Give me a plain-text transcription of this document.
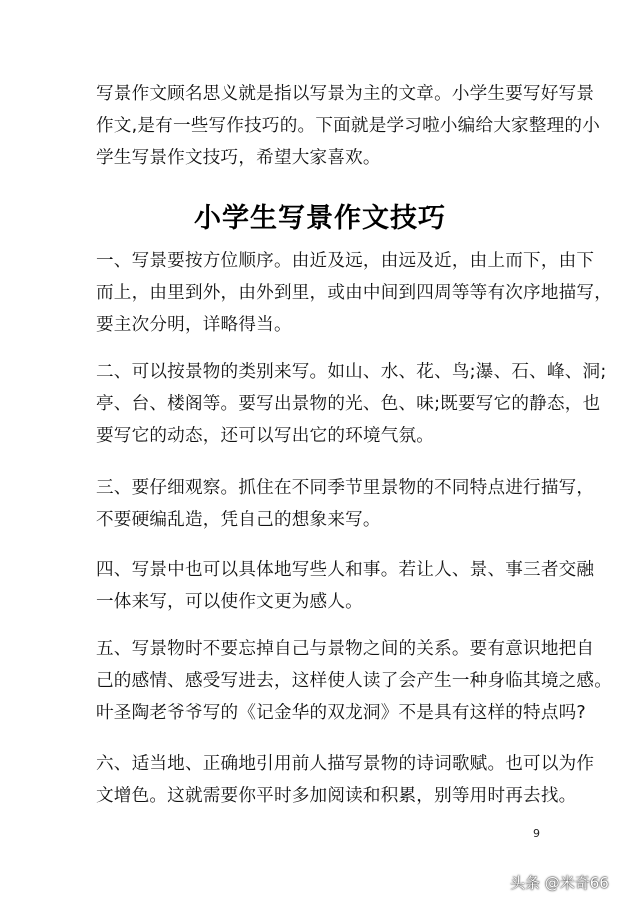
写景作文顾名思义就是指以写景为主的文章。小学生要写好写景
作文,是有一些写作技巧的。下面就是学习啦小编给大家整理的小
学生写景作文技巧，希望大家喜欢。
小学生写景作文技巧
一、写景要按方位顺序。由近及远，由远及近，由上而下，由下
而上，由里到外，由外到里，或由中间到四周等等有次序地描写，
要主次分明，详略得当。
二、可以按景物的类别来写。如山、水、花、鸟;瀑、石、峰、洞;
亭、台、楼阁等。要写出景物的光、色、味;既要写它的静态，也
要写它的动态，还可以写出它的环境气氛。
三、要仔细观察。抓住在不同季节里景物的不同特点进行描写，
不要硬编乱造，凭自己的想象来写。
四、写景中也可以具体地写些人和事。若让人、景、事三者交融
一体来写，可以使作文更为感人。
五、写景物时不要忘掉自己与景物之间的关系。要有意识地把自
己的感情、感受写进去，这样使人读了会产生一种身临其境之感。
叶圣陶老爷爷写的《记金华的双龙洞》不是具有这样的特点吗?
六、适当地、正确地引用前人描写景物的诗词歌赋。也可以为作
文增色。这就需要你平时多加阅读和积累，别等用时再去找。
9
头条 @米奇66
